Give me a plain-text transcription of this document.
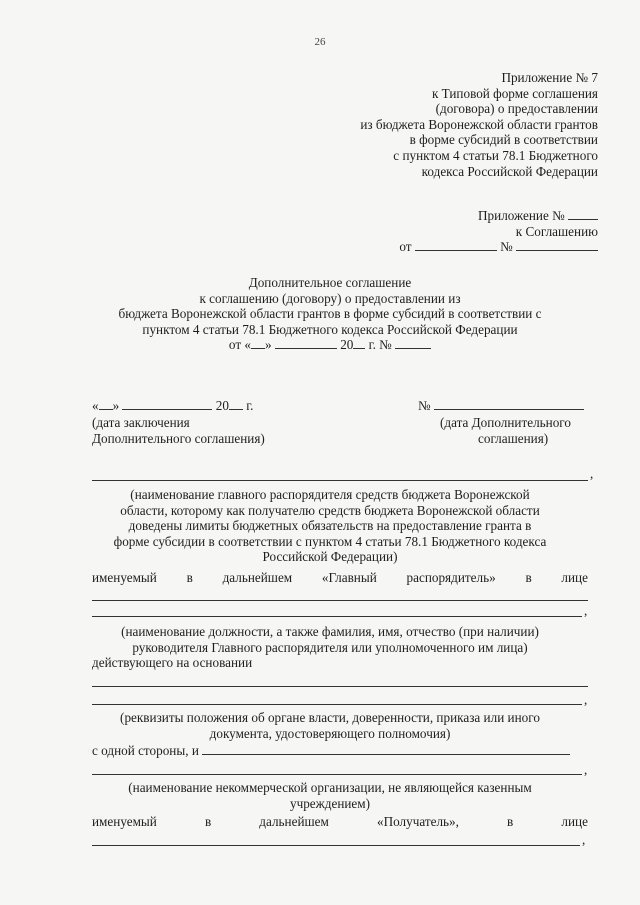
26
Приложение № 7
к Типовой форме соглашения
(договора) о предоставлении
из бюджета Воронежской области грантов
в форме субсидий в соответствии
с пунктом 4 статьи 78.1 Бюджетного
кодекса Российской Федерации
Приложение №
к Соглашению
от	№
Дополнительное соглашение
к соглашению (договору) о предоставлении из
бюджета Воронежской области грантов в форме субсидий в соответствии с
пунктом 4 статьи 78.1 Бюджетного кодекса Российской Федерации
от « »	20 г. №
« »	20 г.	№
(дата заключения
Дополнительного соглашения)
(дата Дополнительного
соглашения)
,
(наименование главного распорядителя средств бюджета Воронежской
области, которому как получателю средств бюджета Воронежской области
доведены лимиты бюджетных обязательств на предоставление гранта в
форме субсидии в соответствии с пунктом 4 статьи 78.1 Бюджетного кодекса
Российской Федерации)
именуемый в дальнейшем «Главный распорядитель» в лице
,
(наименование должности, а также фамилия, имя, отчество (при наличии)
руководителя Главного распорядителя или уполномоченного им лица)
действующего на основании
,
(реквизиты положения об органе власти, доверенности, приказа или иного
документа, удостоверяющего полномочия)
с одной стороны, и
,
(наименование некоммерческой организации, не являющейся казенным
учреждением)
именуемый	в	дальнейшем	«Получатель»,	в	лице
,
